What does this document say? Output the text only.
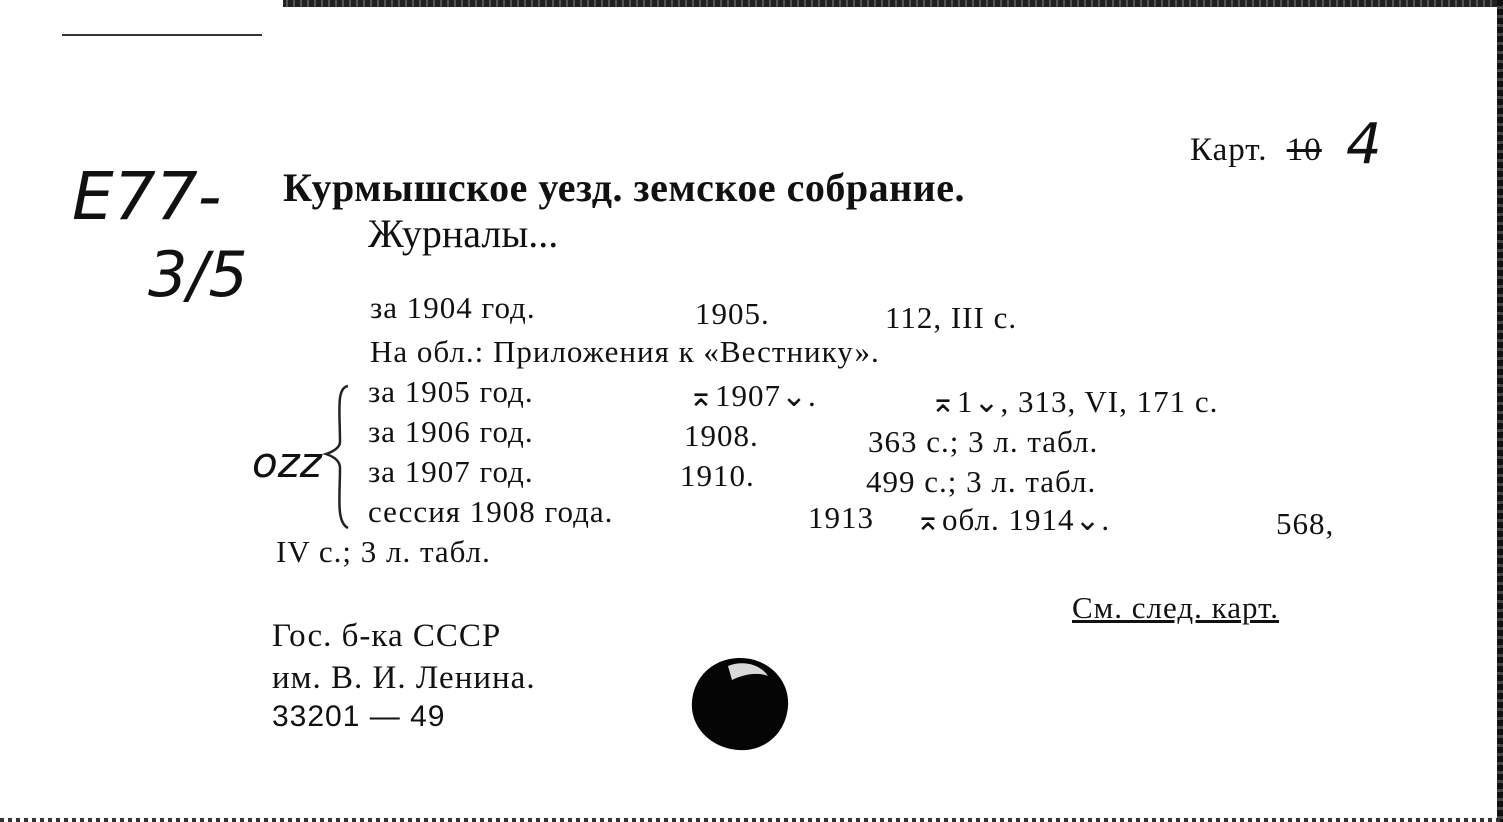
E77-
3/5
Карт. 10 4
Курмышское уезд. земское собрание.
Журналы...
за 1904 год.	1905.	112, III с.
На обл.: Приложения к «Вестнику».
за 1905 год.	⌅1907⌄.	⌅1⌄, 313, VI, 171 с.
за 1906 год.	1908.	363 с.; 3 л. табл.
за 1907 год.	1910.	499 с.; 3 л. табл.
сессия 1908 года.	1913 ⌅обл. 1914⌄.	568,
IV с.; 3 л. табл.
ozz
См. след. карт.
Гос. б-ка СССР
им. В. И. Ленина.
33201 — 49
